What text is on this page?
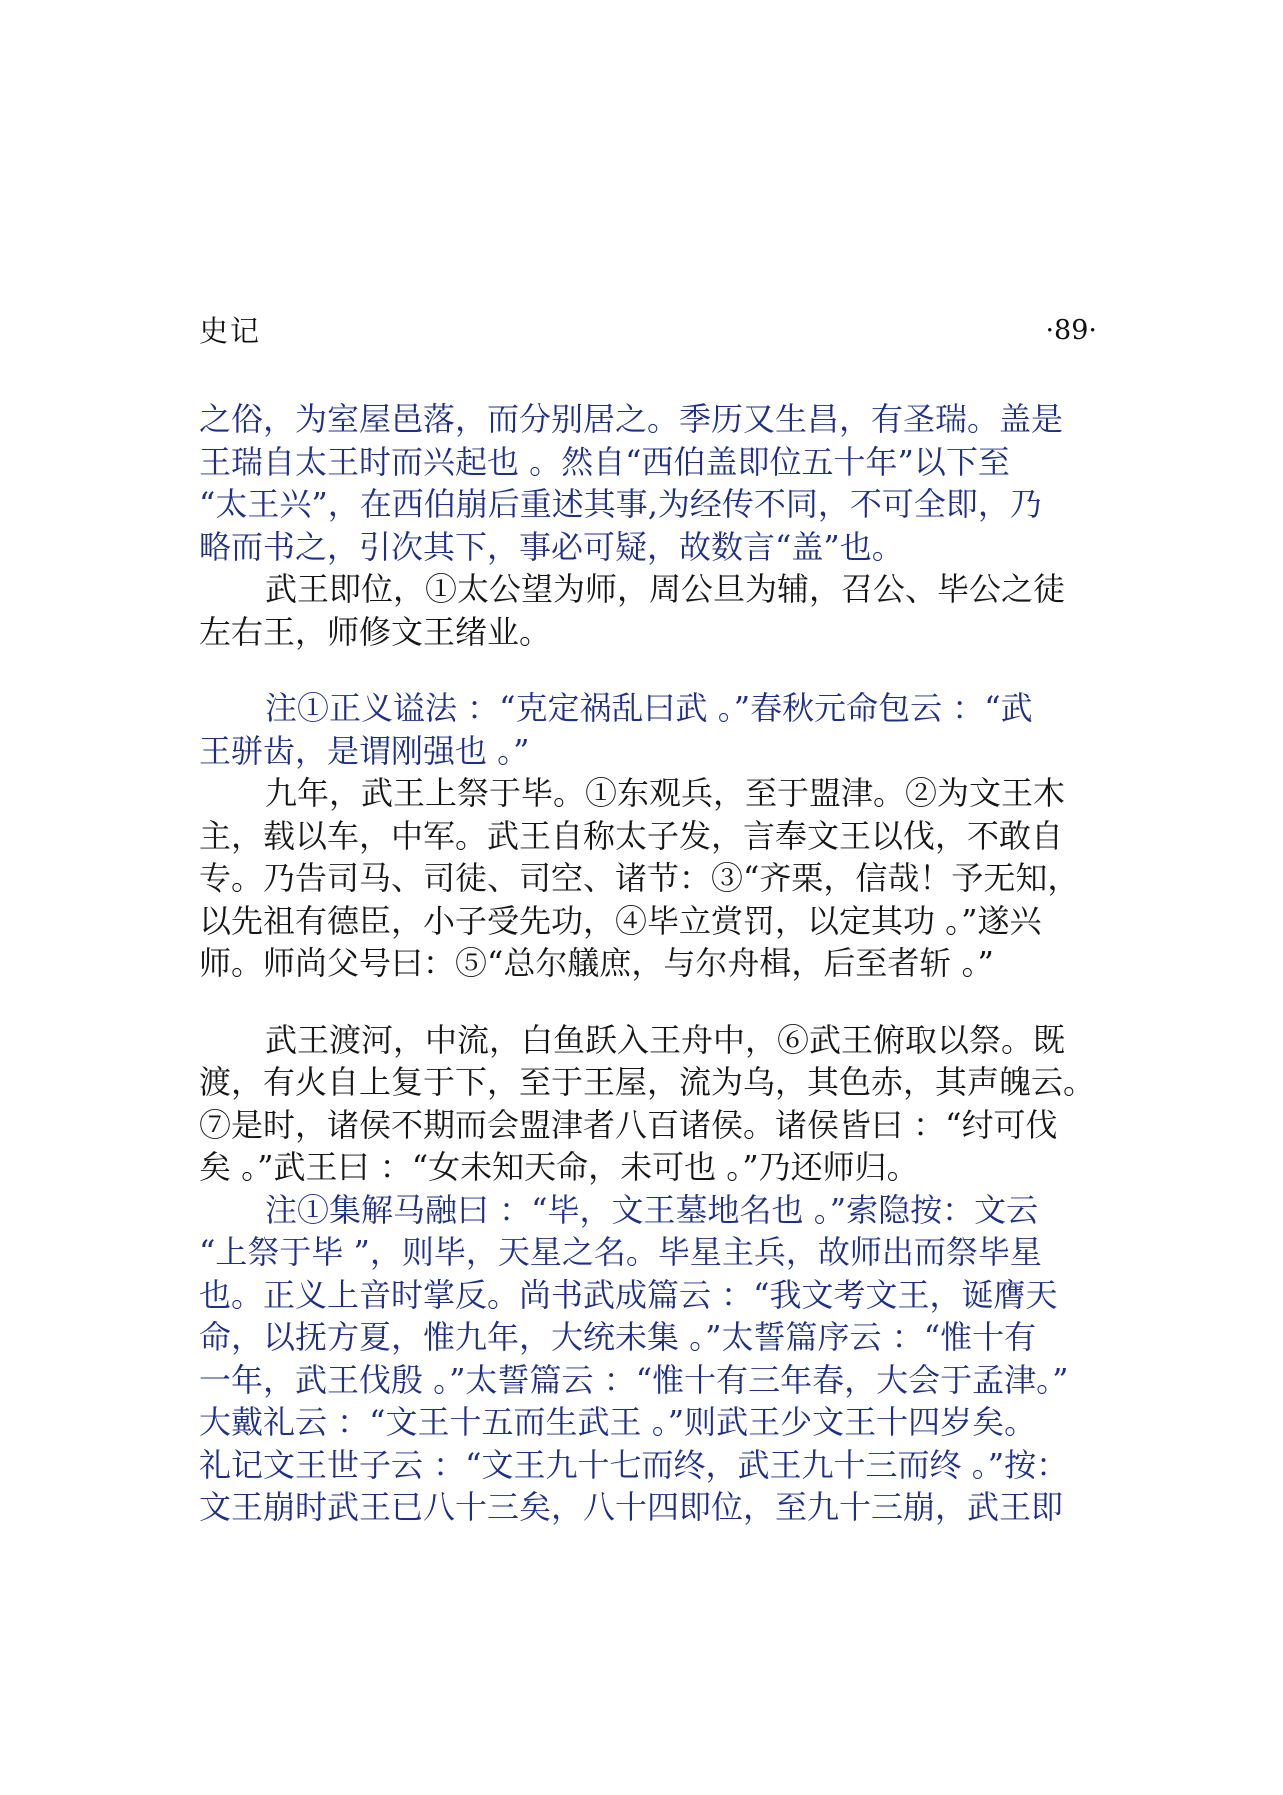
史记	·89·
之俗，为室屋邑落，而分别居之。季历又生昌，有圣瑞。盖是
王瑞自太王时而兴起也 。然自“西伯盖即位五十年”以下至
“太王兴”，在西伯崩后重述其事,为经传不同，不可全即，乃
略而书之，引次其下，事必可疑，故数言“盖”也。
武王即位，①太公望为师，周公旦为辅，召公、毕公之徒
左右王，师修文王绪业。
注①正义谥法 ：“克定祸乱曰武 。”春秋元命包云 ：“武
王骈齿，是谓刚强也 。”
九年，武王上祭于毕。①东观兵，至于盟津。②为文王木
主，载以车，中军。武王自称太子发，言奉文王以伐，不敢自
专。乃告司马、司徒、司空、诸节：③“齐栗，信哉！予无知，
以先祖有德臣，小子受先功，④毕立赏罚，以定其功 。”遂兴
师。师尚父号曰：⑤“总尔艤庶，与尔舟楫，后至者斩 。”
武王渡河，中流，白鱼跃入王舟中，⑥武王俯取以祭。既
渡，有火自上复于下，至于王屋，流为乌，其色赤，其声魄云。
⑦是时，诸侯不期而会盟津者八百诸侯。诸侯皆曰 ：“纣可伐
矣 。”武王曰 ：“女未知天命，未可也 。”乃还师归。
注①集解马融曰 ：“毕，文王墓地名也 。”索隐按：文云
“上祭于毕 ”，则毕，天星之名。毕星主兵，故师出而祭毕星
也。正义上音时掌反。尚书武成篇云 ：“我文考文王，诞膺天
命，以抚方夏，惟九年，大统未集 。”太誓篇序云 ：“惟十有
一年，武王伐殷 。”太誓篇云 ：“惟十有三年春，大会于孟津。”
大戴礼云 ：“文王十五而生武王 。”则武王少文王十四岁矣。
礼记文王世子云 ：“文王九十七而终，武王九十三而终 。”按：
文王崩时武王已八十三矣，八十四即位，至九十三崩，武王即
